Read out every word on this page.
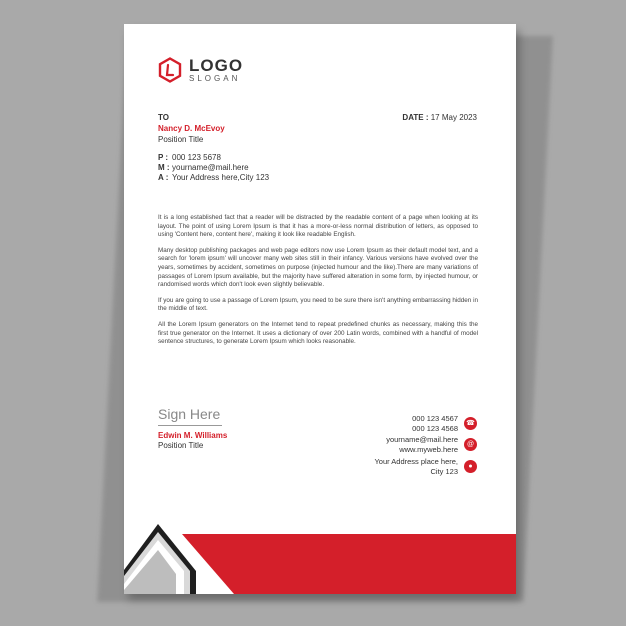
LOGO
SLOGAN
TO
Nancy D. McEvoy
Position Title
DATE : 17 May 2023
P : 000 123 5678
M : yourname@mail.here
A : Your Address here,City 123

It is a long established fact that a reader will be distracted by the readable content of a page when looking at its layout. The point of using Lorem Ipsum is that it has a more-or-less normal distribution of letters, as opposed to using 'Content here, content here', making it look like readable English.

Many desktop publishing packages and web page editors now use Lorem Ipsum as their default model text, and a search for 'lorem ipsum' will uncover many web sites still in their infancy. Various versions have evolved over the years, sometimes by accident, sometimes on purpose (injected humour and the like).There are many variations of passages of Lorem Ipsum available, but the majority have suffered alteration in some form, by injected humour, or randomised words which don't look even slightly believable.

If you are going to use a passage of Lorem Ipsum, you need to be sure there isn't anything embarrassing hidden in the middle of text.

All the Lorem Ipsum generators on the Internet tend to repeat predefined chunks as necessary, making this the first true generator on the Internet. It uses a dictionary of over 200 Latin words, combined with a handful of model sentence structures, to generate Lorem Ipsum which looks reasonable.

Sign Here
Edwin M. Williams
Position Title
000 123 4567
000 123 4568
☎
yourname@mail.here
www.myweb.here
@
Your Address place here,
City 123
●
